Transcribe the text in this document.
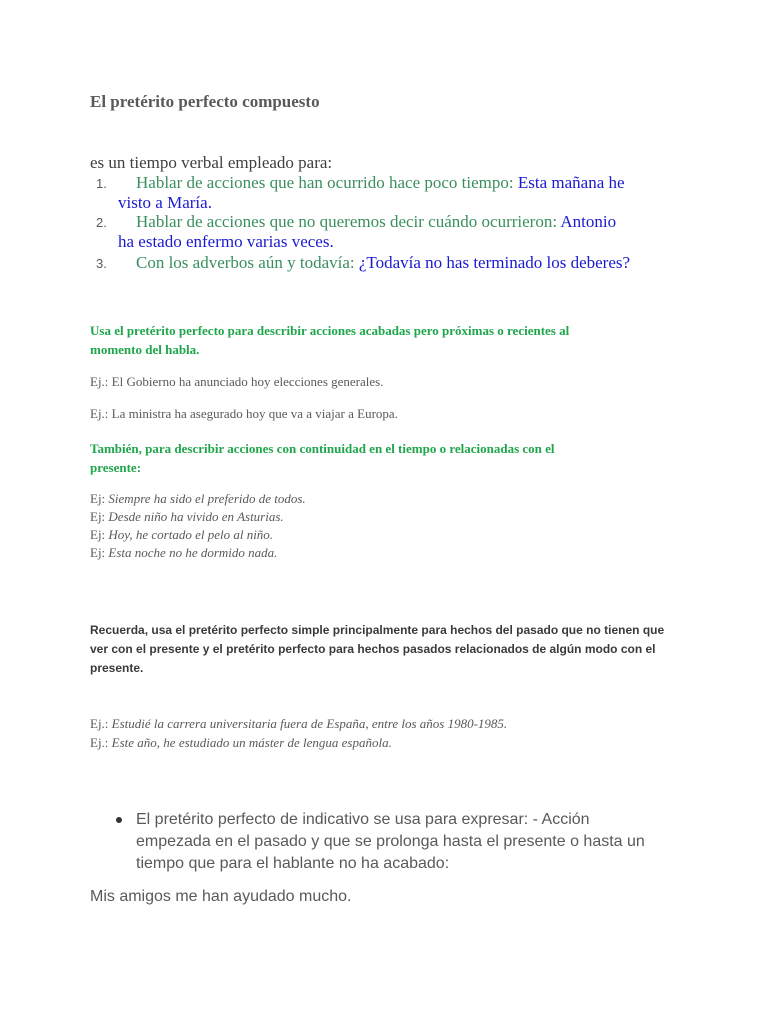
El pretérito perfecto compuesto
es un tiempo verbal empleado para:
1. Hablar de acciones que han ocurrido hace poco tiempo: Esta mañana he
visto a María.
2. Hablar de acciones que no queremos decir cuándo ocurrieron: Antonio
ha estado enfermo varias veces.
3. Con los adverbos aún y todavía: ¿Todavía no has terminado los deberes?
Usa el pretérito perfecto para describir acciones acabadas pero próximas o recientes al
momento del habla.
Ej.: El Gobierno ha anunciado hoy elecciones generales.
Ej.: La ministra ha asegurado hoy que va a viajar a Europa.
También, para describir acciones con continuidad en el tiempo o relacionadas con el
presente:
Ej: Siempre ha sido el preferido de todos.
Ej: Desde niño ha vivido en Asturias.
Ej: Hoy, he cortado el pelo al niño.
Ej: Esta noche no he dormido nada.
Recuerda, usa el pretérito perfecto simple principalmente para hechos del pasado que no tienen que
ver con el presente y el pretérito perfecto para hechos pasados relacionados de algún modo con el
presente.
Ej.: Estudié la carrera universitaria fuera de España, entre los años 1980-1985.
Ej.: Este año, he estudiado un máster de lengua española.
El pretérito perfecto de indicativo se usa para expresar: - Acción
empezada en el pasado y que se prolonga hasta el presente o hasta un
tiempo que para el hablante no ha acabado:
Mis amigos me han ayudado mucho.
